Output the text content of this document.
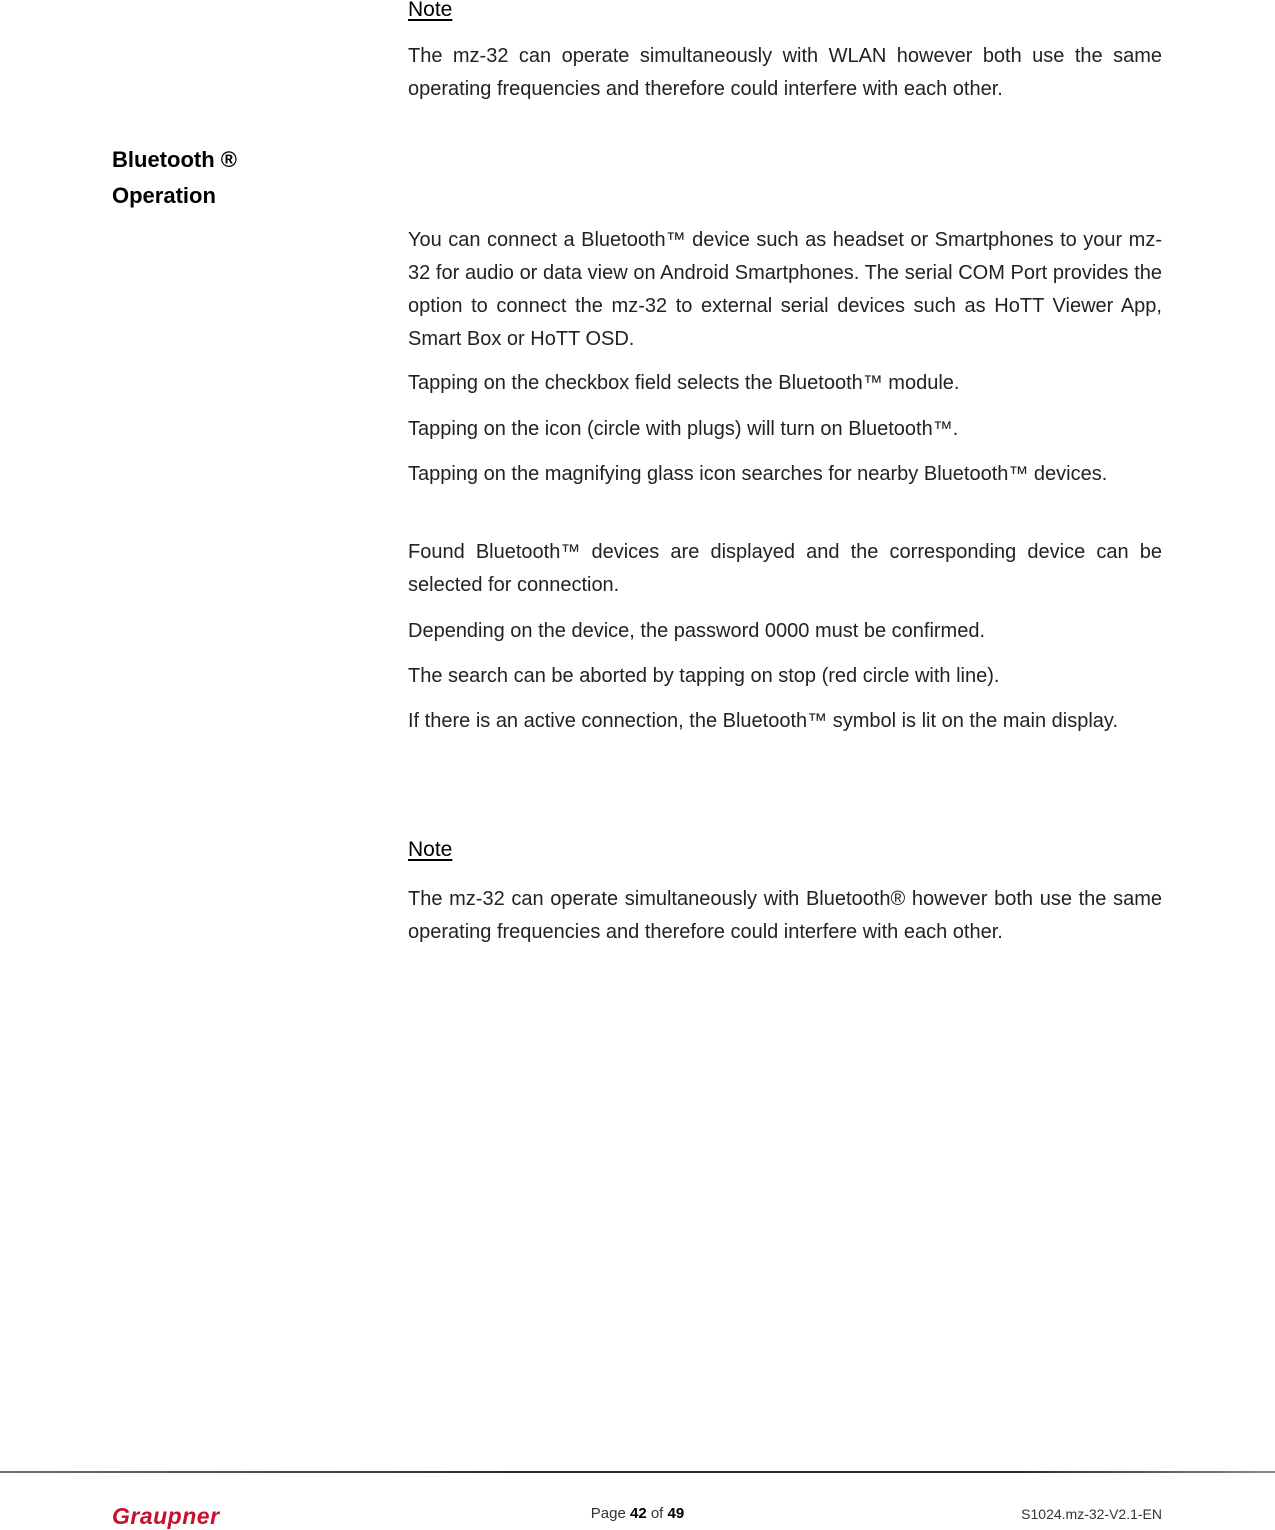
Note

The mz-32 can operate simultaneously with WLAN however both use the same operating frequencies and therefore could interfere with each other.

Bluetooth ®
Operation

You can connect a Bluetooth™ device such as headset or Smartphones to your mz-32 for audio or data view on Android Smartphones. The serial COM Port provides the option to connect the mz-32 to external serial devices such as HoTT Viewer App, Smart Box or HoTT OSD.

Tapping on the checkbox field selects the Bluetooth™ module.

Tapping on the icon (circle with plugs) will turn on Bluetooth™.

Tapping on the magnifying glass icon searches for nearby Bluetooth™ devices.

Found Bluetooth™ devices are displayed and the corresponding device can be selected for connection.

Depending on the device, the password 0000 must be confirmed.

The search can be aborted by tapping on stop (red circle with line).

If there is an active connection, the Bluetooth™ symbol is lit on the main display.

Note

The mz-32 can operate simultaneously with Bluetooth® however both use the same operating frequencies and therefore could interfere with each other.

Graupner	Page 42 of 49	S1024.mz-32-V2.1-EN
